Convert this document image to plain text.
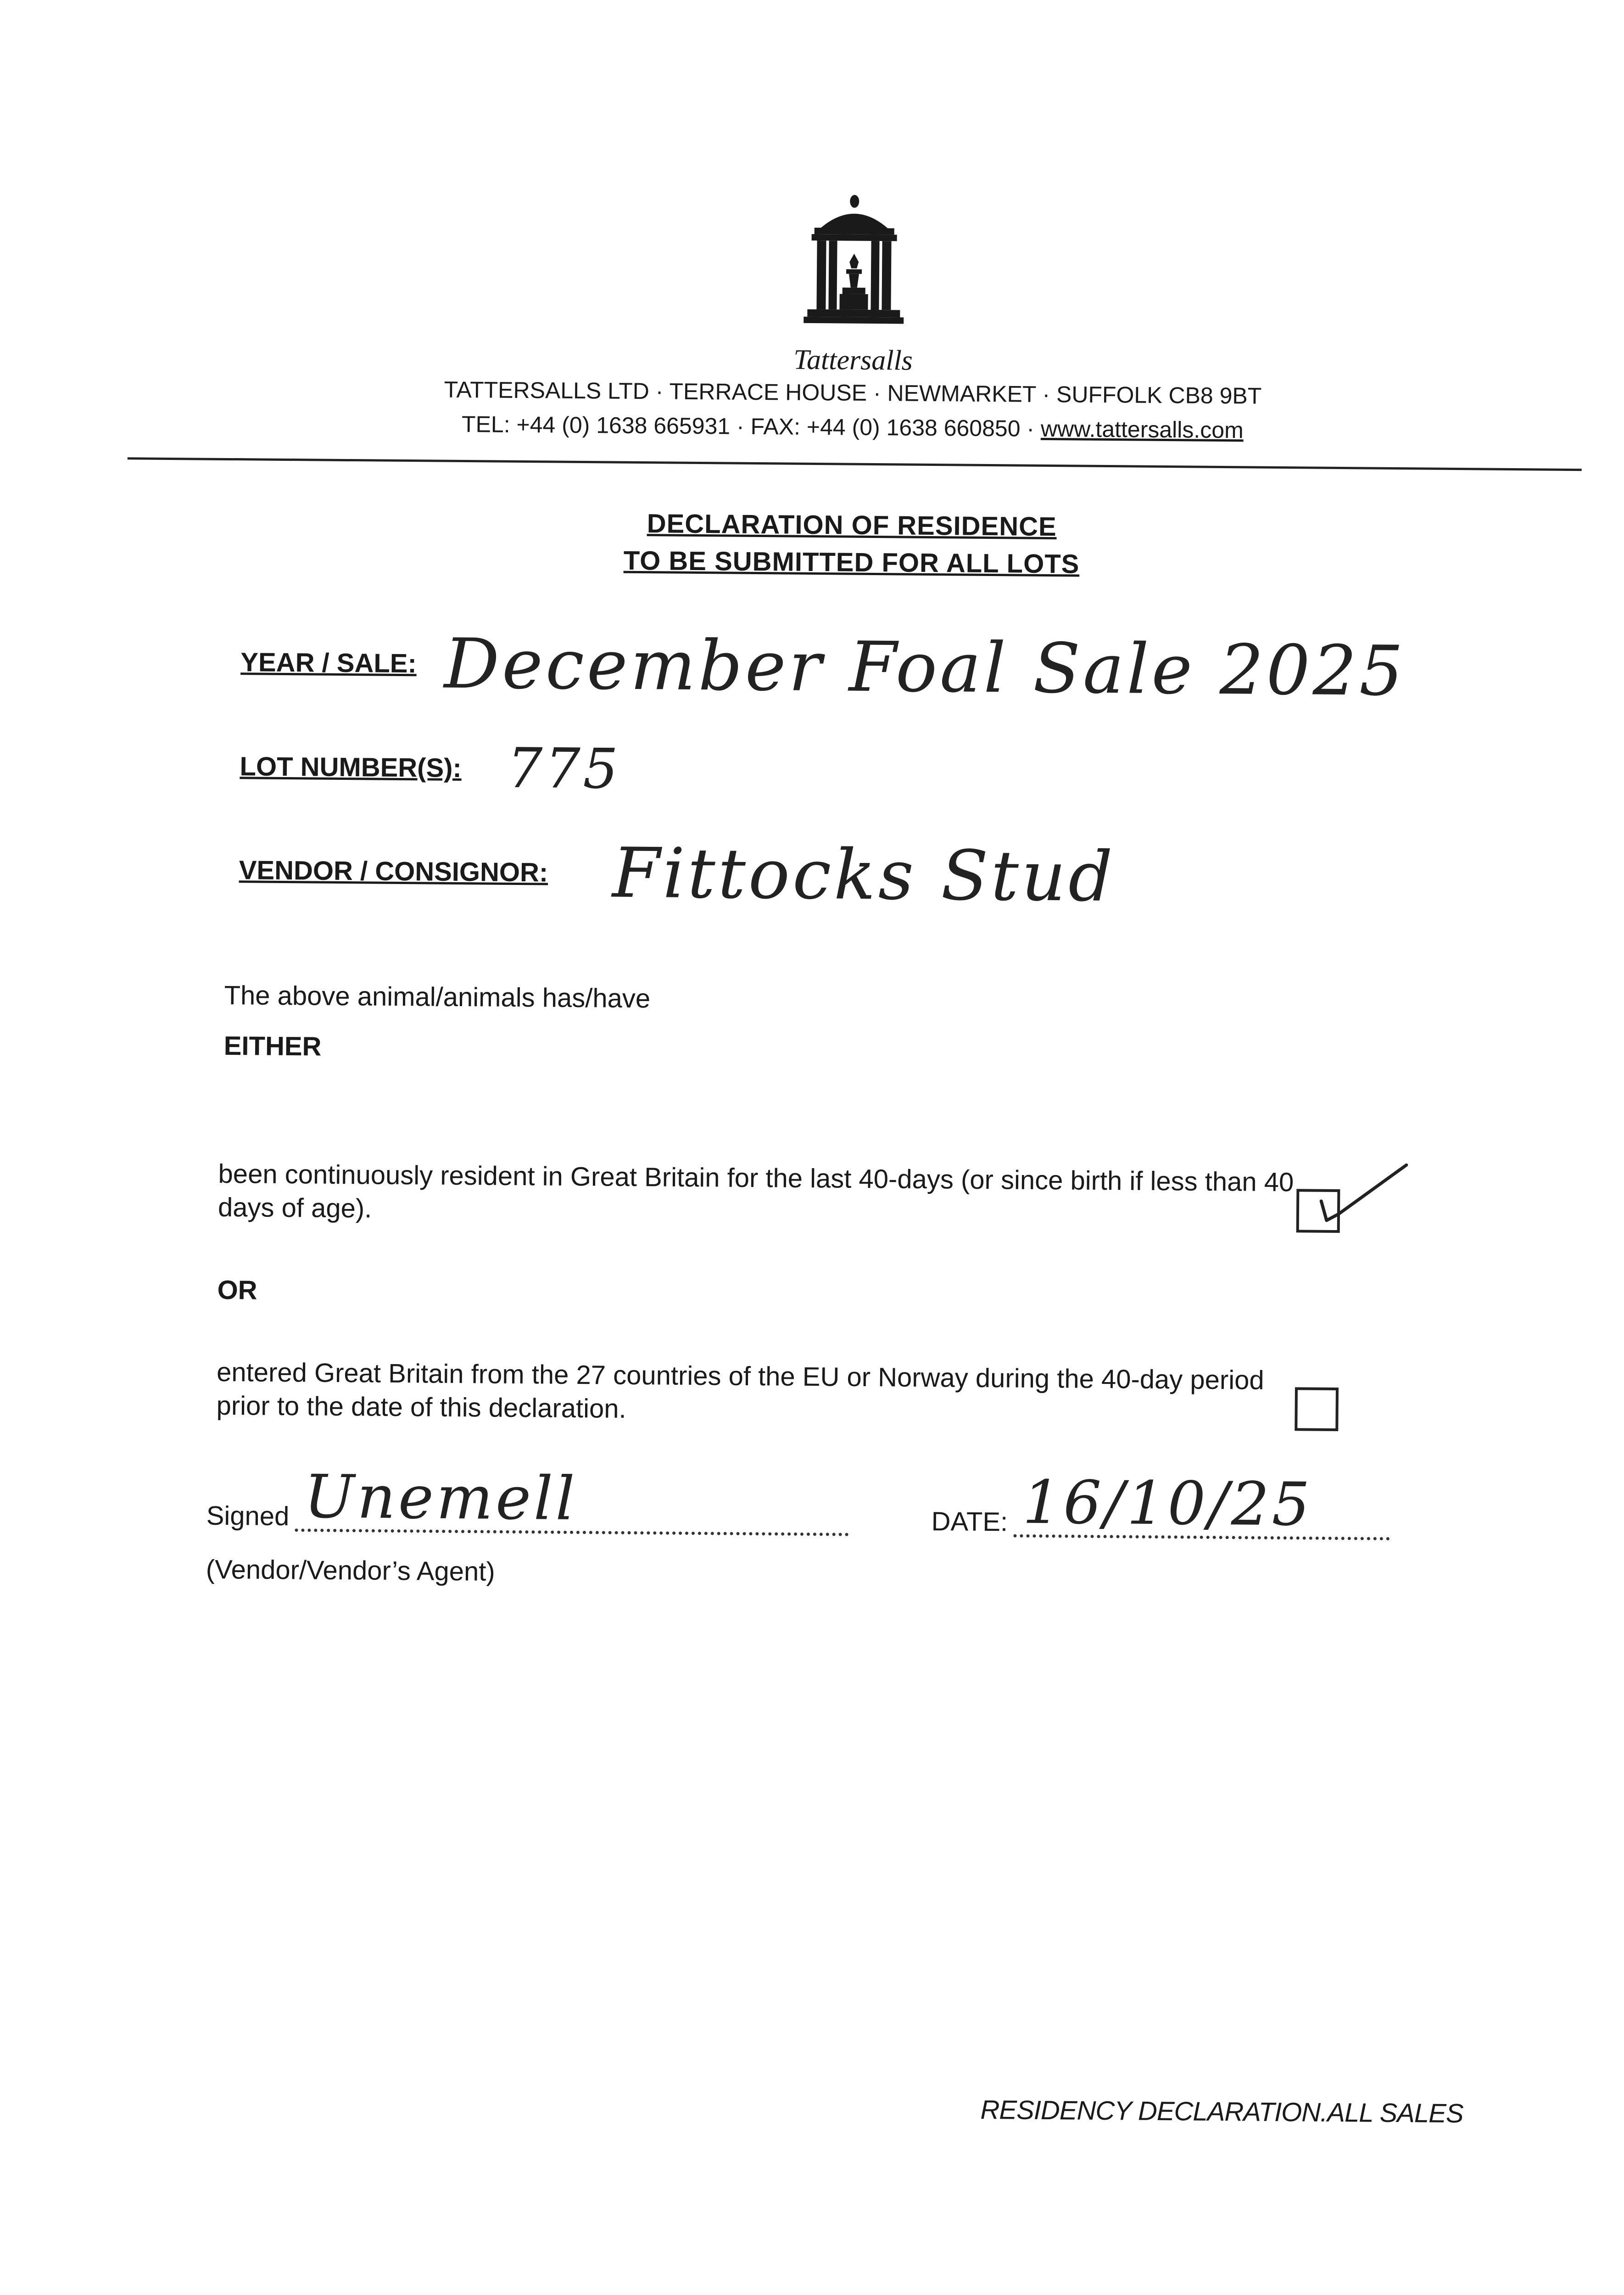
Tattersalls
TATTERSALLS LTD · TERRACE HOUSE · NEWMARKET · SUFFOLK CB8 9BT
TEL: +44 (0) 1638 665931 · FAX: +44 (0) 1638 660850 · www.tattersalls.com
DECLARATION OF RESIDENCE
TO BE SUBMITTED FOR ALL LOTS
YEAR / SALE: December Foal Sale 2025
LOT NUMBER(S): 775
VENDOR / CONSIGNOR: Fittocks Stud
The above animal/animals has/have
EITHER
been continuously resident in Great Britain for the last 40-days (or since birth if less than 40 days of age).
OR
entered Great Britain from the 27 countries of the EU or Norway during the 40-day period prior to the date of this declaration.
Signed Unemell	DATE: 16/10/25
(Vendor/Vendor’s Agent)
RESIDENCY DECLARATION.ALL SALES
